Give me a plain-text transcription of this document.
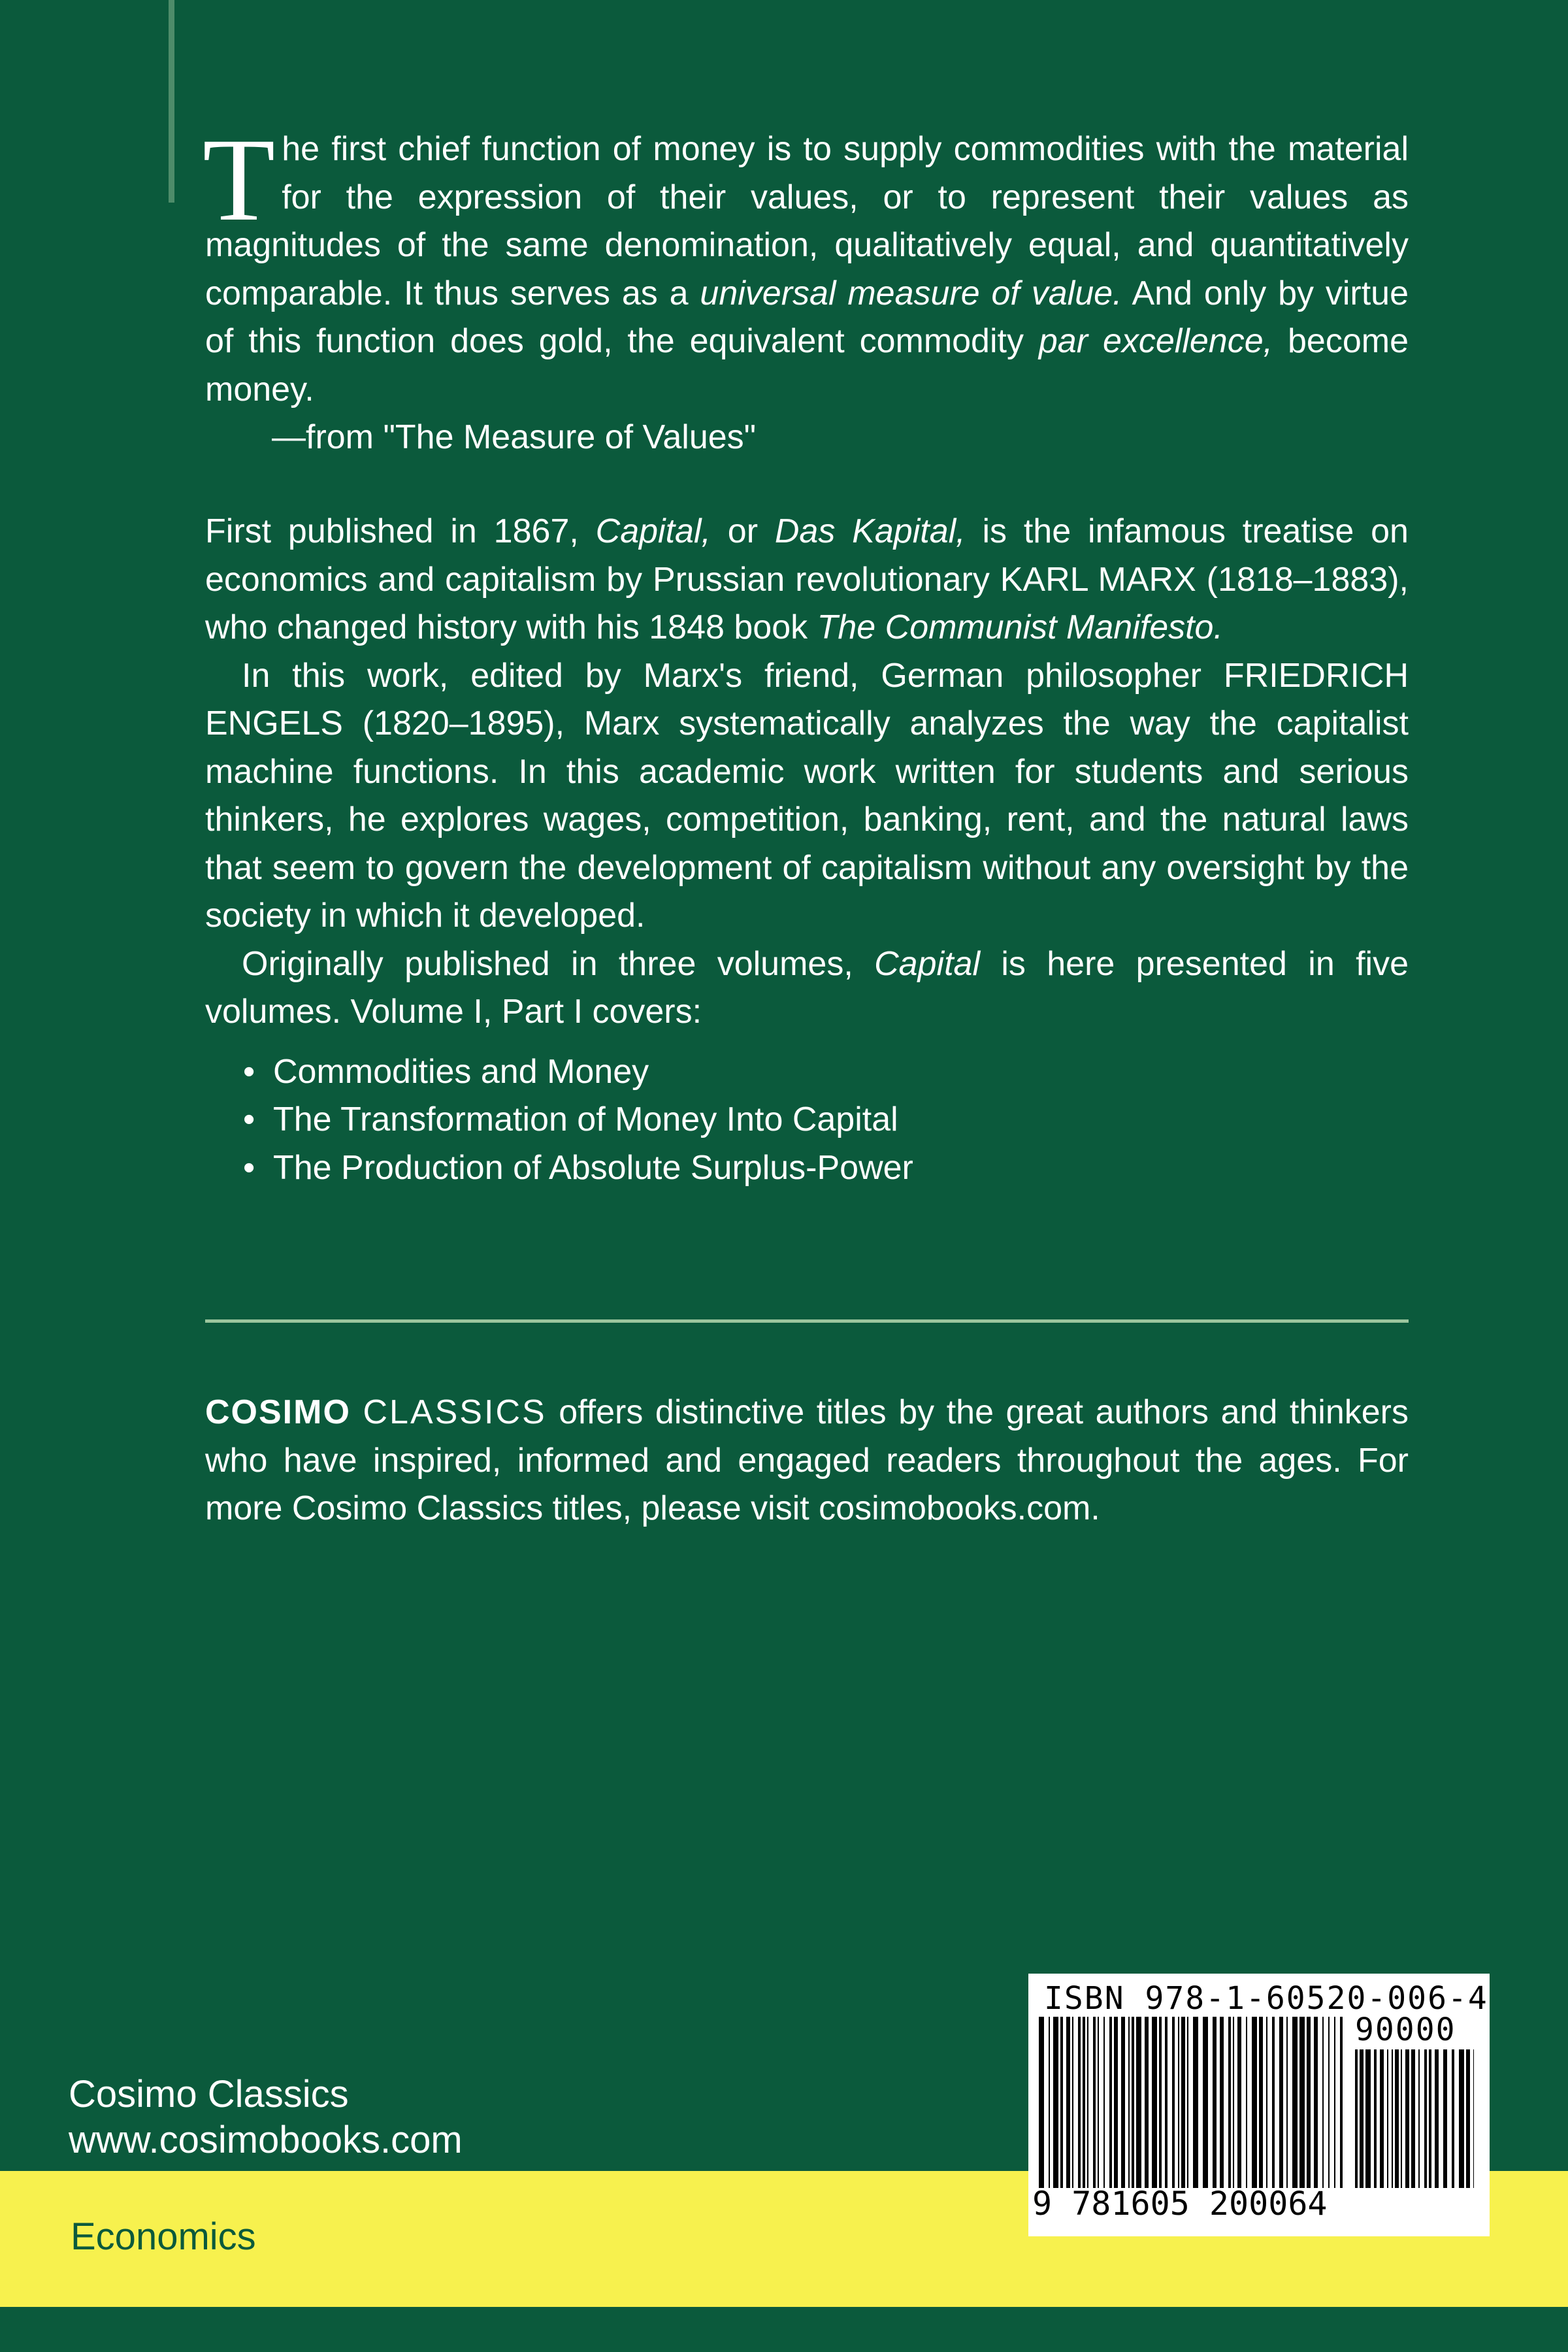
The first chief function of money is to supply commodities with the material for the expression of their values, or to represent their values as magnitudes of the same denomination, qualitatively equal, and quantitatively comparable. It thus serves as a universal measure of value. And only by virtue of this function does gold, the equivalent commodity par excellence, become money.

—from "The Measure of Values"

First published in 1867, Capital, or Das Kapital, is the infamous treatise on economics and capitalism by Prussian revolutionary KARL MARX (1818–1883), who changed history with his 1848 book The Communist Manifesto.

In this work, edited by Marx's friend, German philosopher FRIEDRICH ENGELS (1820–1895), Marx systematically analyzes the way the capitalist machine functions. In this academic work written for students and serious thinkers, he explores wages, competition, banking, rent, and the natural laws that seem to govern the development of capitalism without any oversight by the society in which it developed.

Originally published in three volumes, Capital is here presented in five volumes. Volume I, Part I covers:

• Commodities and Money
• The Transformation of Money Into Capital
• The Production of Absolute Surplus-Power

COSIMO CLASSICS offers distinctive titles by the great authors and thinkers who have inspired, informed and engaged readers throughout the ages. For more Cosimo Classics titles, please visit cosimobooks.com.

Cosimo Classics
www.cosimobooks.com
Economics
ISBN 978-1-60520-006-4
90000
9 781605 200064
